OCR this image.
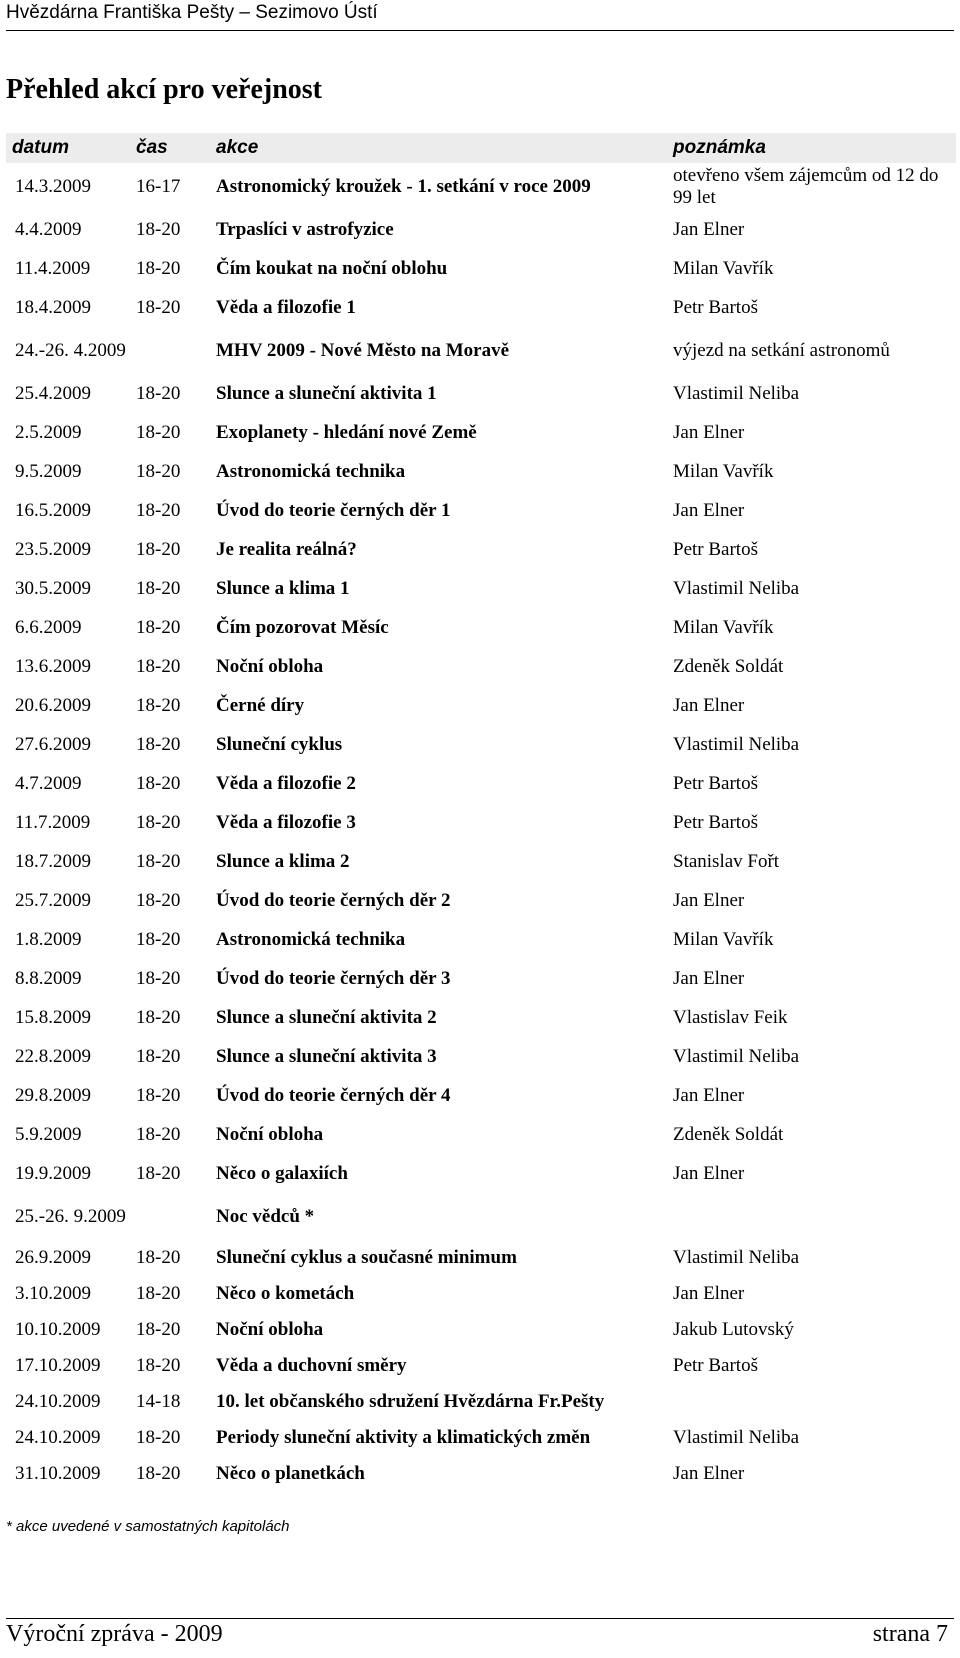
Hvězdárna Františka Pešty – Sezimovo Ústí
Přehled akcí pro veřejnost
datum	čas	akce	poznámka
14.3.2009	16-17	Astronomický kroužek - 1. setkání v roce 2009	otevřeno všem zájemcům od 12 do 99 let
4.4.2009	18-20	Trpaslíci v astrofyzice	Jan Elner
11.4.2009	18-20	Čím koukat na noční oblohu	Milan Vavřík
18.4.2009	18-20	Věda a filozofie 1	Petr Bartoš
24.-26. 4.2009		MHV 2009 - Nové Město na Moravě	výjezd na setkání astronomů
25.4.2009	18-20	Slunce a sluneční aktivita 1	Vlastimil Neliba
2.5.2009	18-20	Exoplanety - hledání nové Země	Jan Elner
9.5.2009	18-20	Astronomická technika	Milan Vavřík
16.5.2009	18-20	Úvod do teorie černých děr 1	Jan Elner
23.5.2009	18-20	Je realita reálná?	Petr Bartoš
30.5.2009	18-20	Slunce a klima 1	Vlastimil Neliba
6.6.2009	18-20	Čím pozorovat Měsíc	Milan Vavřík
13.6.2009	18-20	Noční obloha	Zdeněk Soldát
20.6.2009	18-20	Černé díry	Jan Elner
27.6.2009	18-20	Sluneční cyklus	Vlastimil Neliba
4.7.2009	18-20	Věda a filozofie 2	Petr Bartoš
11.7.2009	18-20	Věda a filozofie 3	Petr Bartoš
18.7.2009	18-20	Slunce a klima 2	Stanislav Fořt
25.7.2009	18-20	Úvod do teorie černých děr 2	Jan Elner
1.8.2009	18-20	Astronomická technika	Milan Vavřík
8.8.2009	18-20	Úvod do teorie černých děr 3	Jan Elner
15.8.2009	18-20	Slunce a sluneční aktivita 2	Vlastislav Feik
22.8.2009	18-20	Slunce a sluneční aktivita 3	Vlastimil Neliba
29.8.2009	18-20	Úvod do teorie černých děr 4	Jan Elner
5.9.2009	18-20	Noční obloha	Zdeněk Soldát
19.9.2009	18-20	Něco o galaxiích	Jan Elner
25.-26. 9.2009		Noc vědců *	
26.9.2009	18-20	Sluneční cyklus a současné minimum	Vlastimil Neliba
3.10.2009	18-20	Něco o kometách	Jan Elner
10.10.2009	18-20	Noční obloha	Jakub Lutovský
17.10.2009	18-20	Věda a duchovní směry	Petr Bartoš
24.10.2009	14-18	10. let občanského sdružení Hvězdárna Fr.Pešty	
24.10.2009	18-20	Periody sluneční aktivity a klimatických změn	Vlastimil Neliba
31.10.2009	18-20	Něco o planetkách	Jan Elner
* akce uvedené v samostatných kapitolách
Výroční zpráva - 2009	strana 7
